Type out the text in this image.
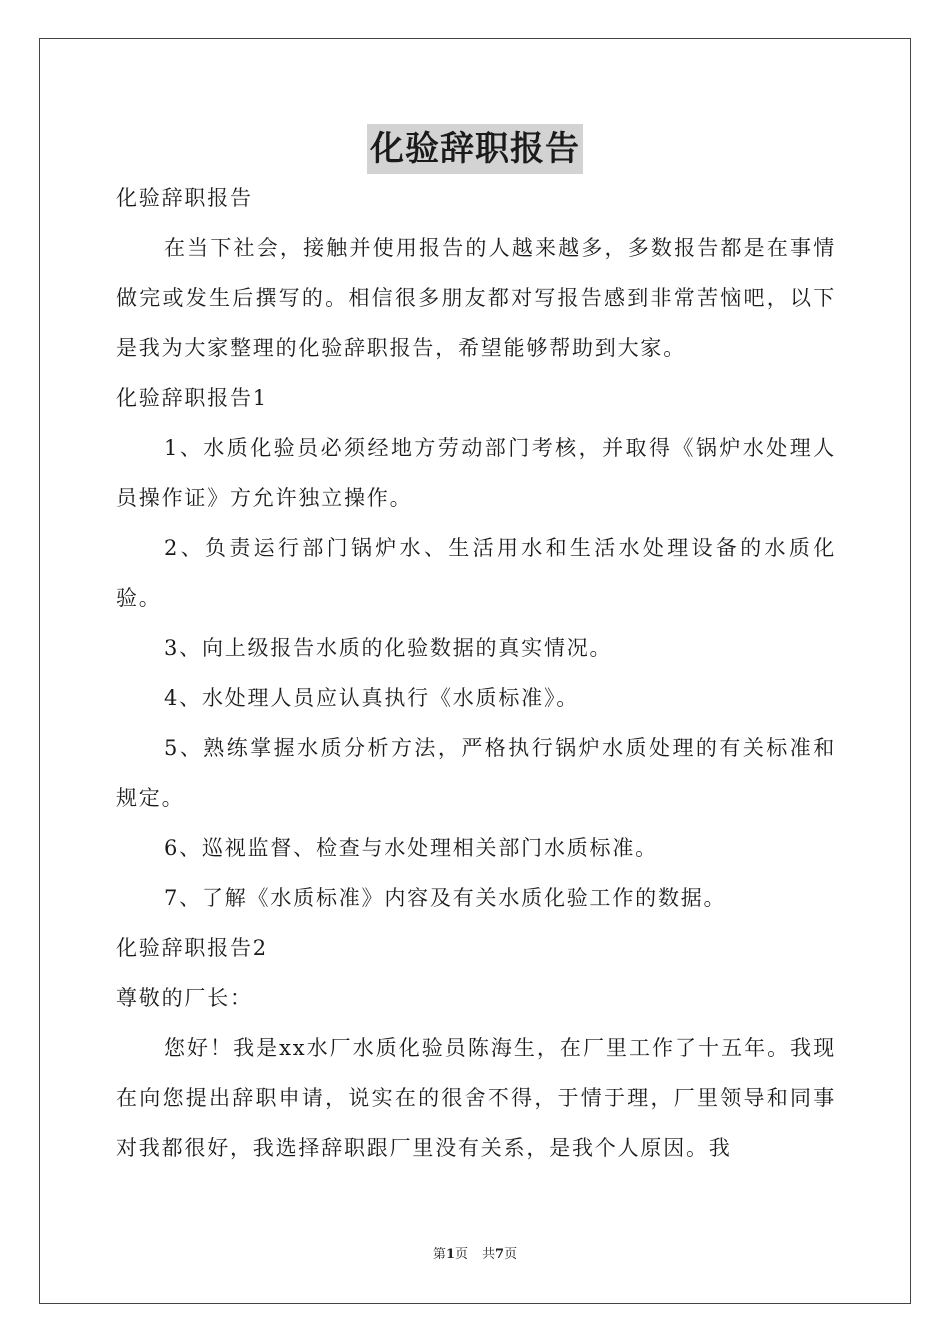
化验辞职报告

化验辞职报告

在当下社会，接触并使用报告的人越来越多，多数报告都是在事情做完或发生后撰写的。相信很多朋友都对写报告感到非常苦恼吧，以下是我为大家整理的化验辞职报告，希望能够帮助到大家。

化验辞职报告1

1、水质化验员必须经地方劳动部门考核，并取得《锅炉水处理人员操作证》方允许独立操作。

2、负责运行部门锅炉水、生活用水和生活水处理设备的水质化验。

3、向上级报告水质的化验数据的真实情况。

4、水处理人员应认真执行《水质标准》。

5、熟练掌握水质分析方法，严格执行锅炉水质处理的有关标准和规定。

6、巡视监督、检查与水处理相关部门水质标准。

7、了解《水质标准》内容及有关水质化验工作的数据。

化验辞职报告2

尊敬的厂长：

您好！我是xx水厂水质化验员陈海生，在厂里工作了十五年。我现在向您提出辞职申请，说实在的很舍不得，于情于理，厂里领导和同事对我都很好，我选择辞职跟厂里没有关系，是我个人原因。我

第1页 共7页
